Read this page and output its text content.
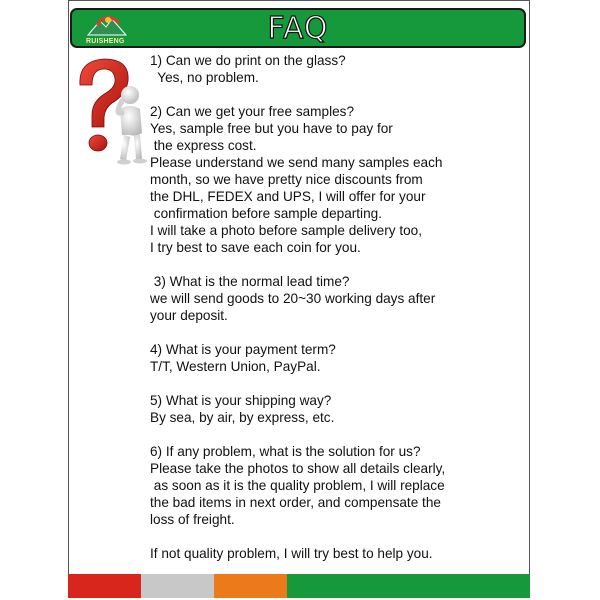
RUISHENG	FAQ
1) Can we do print on the glass?
Yes, no problem.
2) Can we get your free samples?
Yes, sample free but you have to pay for
the express cost.
Please understand we send many samples each
month, so we have pretty nice discounts from
the DHL, FEDEX and UPS, I will offer for your
confirmation before sample departing.
I will take a photo before sample delivery too,
I try best to save each coin for you.
3) What is the normal lead time?
we will send goods to 20~30 working days after
your deposit.
4) What is your payment term?
T/T, Western Union, PayPal.
5) What is your shipping way?
By sea, by air, by express, etc.
6) If any problem, what is the solution for us?
Please take the photos to show all details clearly,
as soon as it is the quality problem, I will replace
the bad items in next order, and compensate the
loss of freight.
If not quality problem, I will try best to help you.
